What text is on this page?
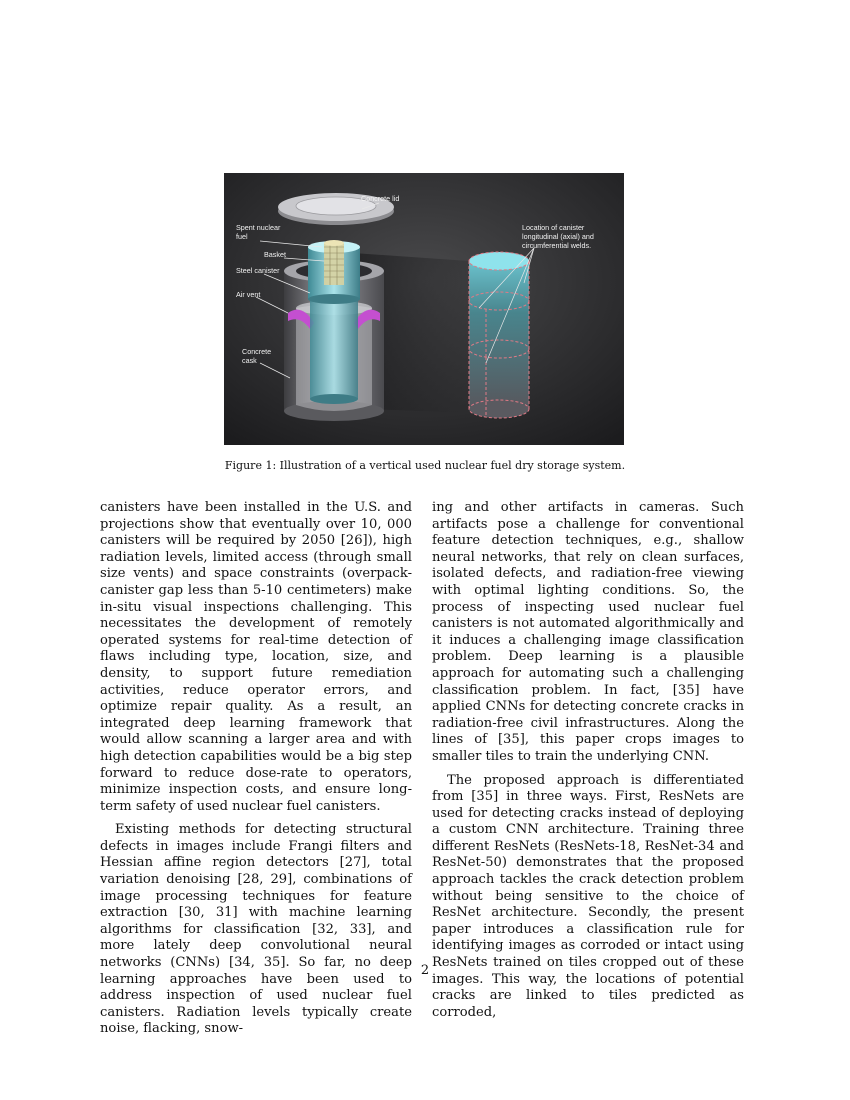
Concrete lid
Spent nuclear
fuel
Basket
Steel canister
Air vent
Concrete
cask
Location of canister
longitudinal (axial) and
circumferential welds.
Figure 1: Illustration of a vertical used nuclear fuel dry storage system.

canisters have been installed in the U.S. and projections show that eventually over 10, 000 canisters will be required by 2050 [26]), high radiation levels, limited access (through small size vents) and space constraints (overpack-canister gap less than 5-10 centimeters) make in-situ visual inspections challenging. This necessitates the development of remotely operated systems for real-time detection of flaws including type, location, size, and density, to support future remediation activities, reduce operator errors, and optimize repair quality. As a result, an integrated deep learning framework that would allow scanning a larger area and with high detection capabilities would be a big step forward to reduce dose-rate to operators, minimize inspection costs, and ensure long-term safety of used nuclear fuel canisters.

Existing methods for detecting structural defects in images include Frangi filters and Hessian affine region detectors [27], total variation denoising [28, 29], combinations of image processing techniques for feature extraction [30, 31] with machine learning algorithms for classification [32, 33], and more lately deep convolutional neural networks (CNNs) [34, 35]. So far, no deep learning approaches have been used to address inspection of used nuclear fuel canisters. Radiation levels typically create noise, flacking, snow-

ing and other artifacts in cameras. Such artifacts pose a challenge for conventional feature detection techniques, e.g., shallow neural networks, that rely on clean surfaces, isolated defects, and radiation-free viewing with optimal lighting conditions. So, the process of inspecting used nuclear fuel canisters is not automated algorithmically and it induces a challenging image classification problem. Deep learning is a plausible approach for automating such a challenging classification problem. In fact, [35] have applied CNNs for detecting concrete cracks in radiation-free civil infrastructures. Along the lines of [35], this paper crops images to smaller tiles to train the underlying CNN.

The proposed approach is differentiated from [35] in three ways. First, ResNets are used for detecting cracks instead of deploying a custom CNN architecture. Training three different ResNets (ResNets-18, ResNet-34 and ResNet-50) demonstrates that the proposed approach tackles the crack detection problem without being sensitive to the choice of ResNet architecture. Secondly, the present paper introduces a classification rule for identifying images as corroded or intact using ResNets trained on tiles cropped out of these images. This way, the locations of potential cracks are linked to tiles predicted as corroded,

2
